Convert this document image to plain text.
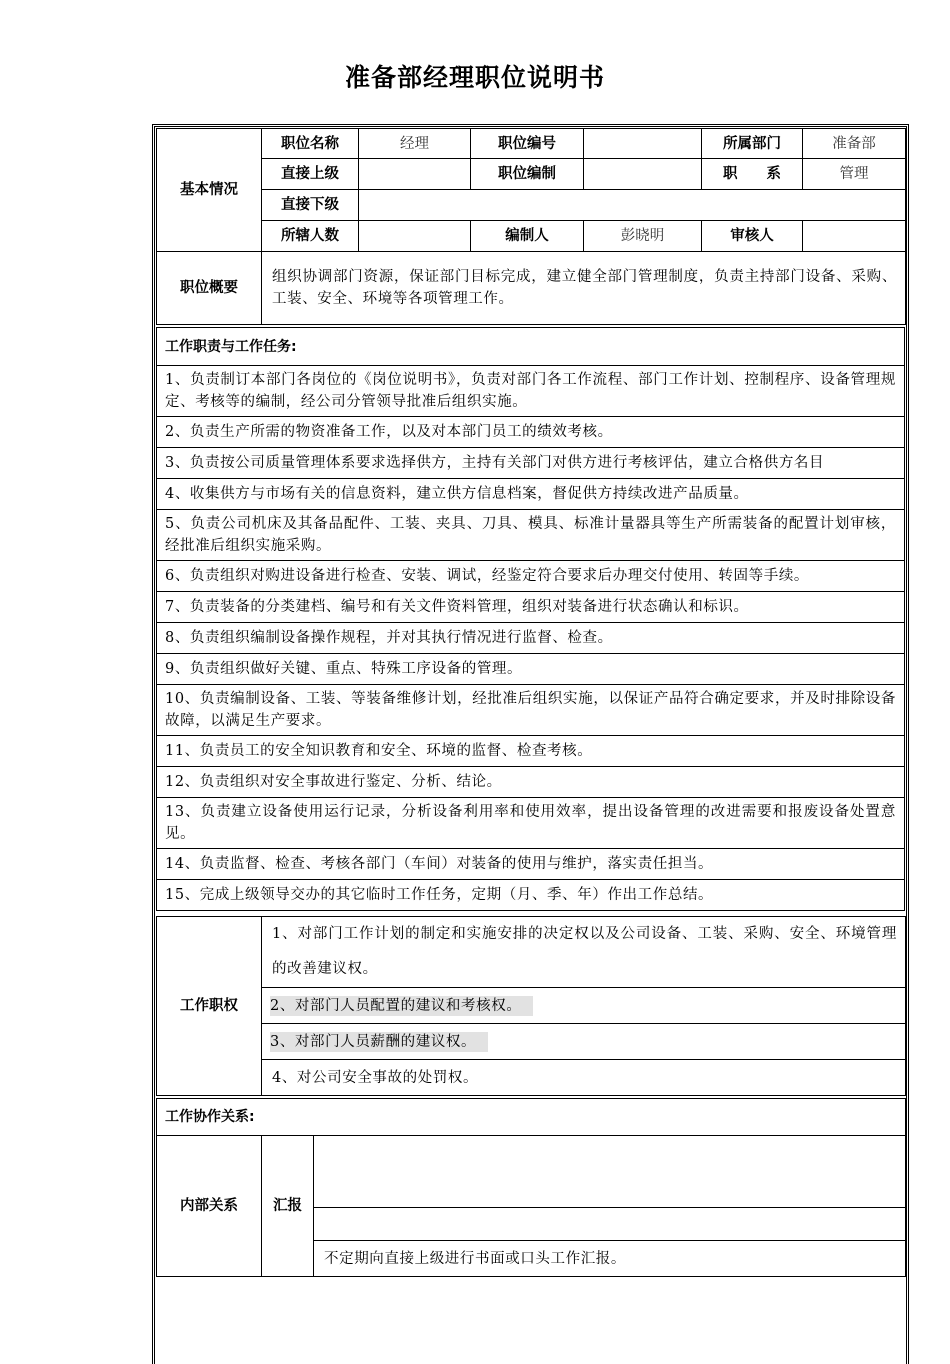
准备部经理职位说明书
基本情况	职位名称	经理	职位编号		所属部门	准备部
	直接上级		职位编制		职　　系	管理
	直接下级					
	所辖人数		编制人	彭晓明	审核人	
职位概要	组织协调部门资源，保证部门目标完成，建立健全部门管理制度，负责主持部门设备、采购、工装、安全、环境等各项管理工作。					
工作职责与工作任务:
1、负责制订本部门各岗位的《岗位说明书》，负责对部门各工作流程、部门工作计划、控制程序、设备管理规定、考核等的编制，经公司分管领导批准后组织实施。
2、负责生产所需的物资准备工作，以及对本部门员工的绩效考核。
3、负责按公司质量管理体系要求选择供方，主持有关部门对供方进行考核评估，建立合格供方名目
4、收集供方与市场有关的信息资料，建立供方信息档案，督促供方持续改进产品质量。
5、负责公司机床及其备品配件、工装、夹具、刀具、模具、标准计量器具等生产所需装备的配置计划审核，经批准后组织实施采购。
6、负责组织对购进设备进行检查、安装、调试，经鉴定符合要求后办理交付使用、转固等手续。
7、负责装备的分类建档、编号和有关文件资料管理，组织对装备进行状态确认和标识。
8、负责组织编制设备操作规程，并对其执行情况进行监督、检查。
9、负责组织做好关键、重点、特殊工序设备的管理。
10、负责编制设备、工装、等装备维修计划，经批准后组织实施，以保证产品符合确定要求，并及时排除设备故障，以满足生产要求。
11、负责员工的安全知识教育和安全、环境的监督、检查考核。
12、负责组织对安全事故进行鉴定、分析、结论。
13、负责建立设备使用运行记录，分析设备利用率和使用效率，提出设备管理的改进需要和报废设备处置意见。
14、负责监督、检查、考核各部门（车间）对装备的使用与维护，落实责任担当。
15、完成上级领导交办的其它临时工作任务，定期（月、季、年）作出工作总结。
工作职权	1、对部门工作计划的制定和实施安排的决定权以及公司设备、工装、采购、安全、环境管理的改善建议权。
2、对部门人员配置的建议和考核权。
3、对部门人员薪酬的建议权。
4、对公司安全事故的处罚权。
工作协作关系:
内部关系	汇报	

不定期向直接上级进行书面或口头工作汇报。
